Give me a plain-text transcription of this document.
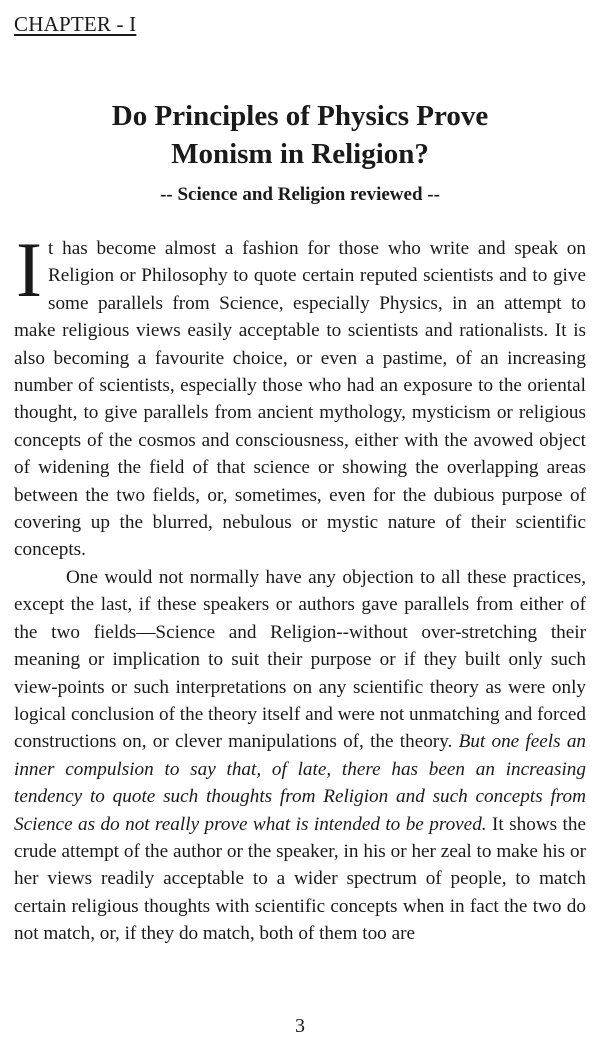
CHAPTER - I
Do Principles of Physics Prove
Monism in Religion?
-- Science and Religion reviewed --

It has become almost a fashion for those who write and speak on Religion or Philosophy to quote certain reputed scientists and to give some parallels from Science, especially Physics, in an attempt to make religious views easily acceptable to scientists and rationalists. It is also becoming a favourite choice, or even a pastime, of an increasing number of scientists, especially those who had an exposure to the oriental thought, to give parallels from ancient mythology, mysticism or religious concepts of the cosmos and consciousness, either with the avowed object of widening the field of that science or showing the overlapping areas between the two fields, or, sometimes, even for the dubious purpose of covering up the blurred, nebulous or mystic nature of their scientific concepts.

One would not normally have any objection to all these practices, except the last, if these speakers or authors gave parallels from either of the two fields—Science and Religion--without over-stretching their meaning or implication to suit their purpose or if they built only such view-points or such interpretations on any scientific theory as were only logical conclusion of the theory itself and were not unmatching and forced constructions on, or clever manipulations of, the theory. But one feels an inner compulsion to say that, of late, there has been an increasing tendency to quote such thoughts from Religion and such concepts from Science as do not really prove what is intended to be proved. It shows the crude attempt of the author or the speaker, in his or her zeal to make his or her views readily acceptable to a wider spectrum of people, to match certain religious thoughts with scientific concepts when in fact the two do not match, or, if they do match, both of them too are

3
